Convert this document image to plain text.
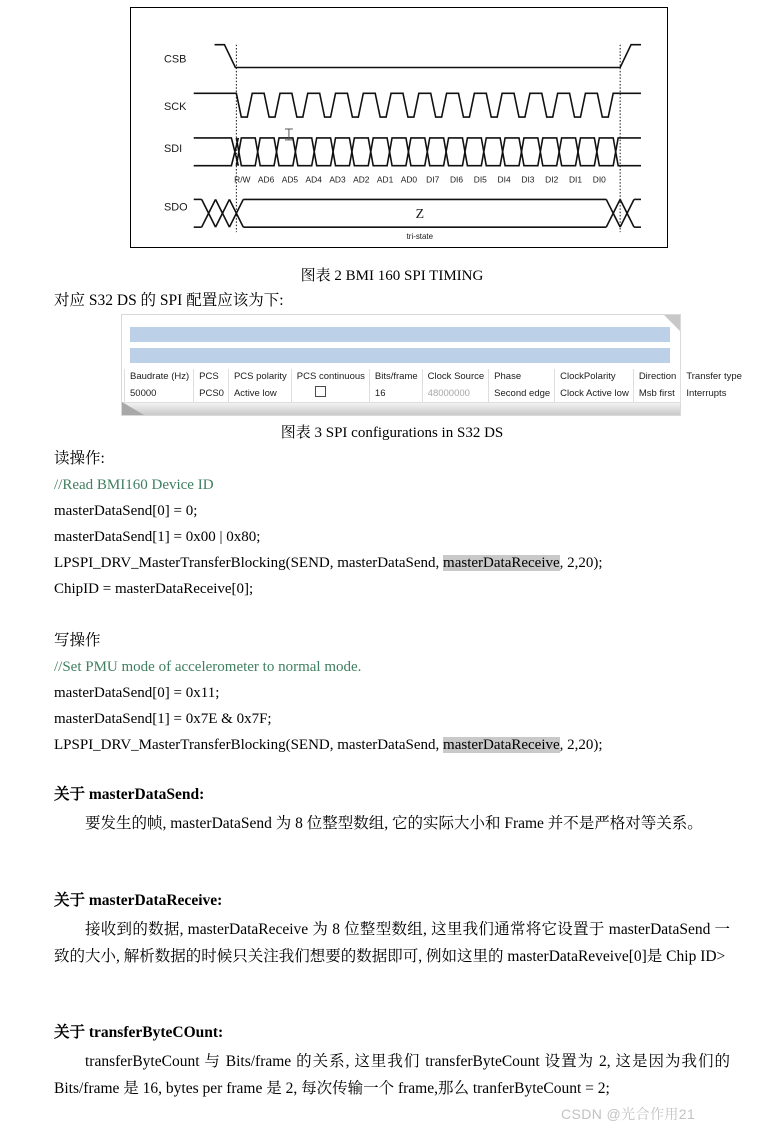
CSB
SCK
SDI
SDO
R/W AD6 AD5 AD4 AD3 AD2 AD1 AD0 DI7 DI6 DI5 DI4 DI3 DI2 DI1 DI0
Z
tri-state
图表 2 BMI 160 SPI TIMING
对应 S32 DS 的 SPI 配置应该为下:
	Baudrate (Hz)	PCS	PCS polarity	PCS continuous	Bits/frame	Clock Source	Phase	ClockPolarity	Direction	Transfer type
	50000	PCS0	Active low		16	48000000	Second edge	Clock Active low	Msb first	Interrupts
图表 3 SPI configurations in S32 DS
读操作:
//Read BMI160 Device ID
masterDataSend[0] = 0;
masterDataSend[1] = 0x00 | 0x80;
LPSPI_DRV_MasterTransferBlocking(SEND, masterDataSend, masterDataReceive, 2,20);
ChipID = masterDataReceive[0];
写操作
//Set PMU mode of accelerometer to normal mode.
masterDataSend[0] = 0x11;
masterDataSend[1] = 0x7E & 0x7F;
LPSPI_DRV_MasterTransferBlocking(SEND, masterDataSend, masterDataReceive, 2,20);
关于 masterDataSend:
要发生的帧, masterDataSend 为 8 位整型数组, 它的实际大小和 Frame 并不是严格对等关系。
关于 masterDataReceive:
接收到的数据, masterDataReceive 为 8 位整型数组, 这里我们通常将它设置于 masterDataSend 一致的大小, 解析数据的时候只关注我们想要的数据即可, 例如这里的 masterDataReveive[0]是 Chip ID>
关于 transferByteCOunt:
transferByteCount 与 Bits/frame 的关系, 这里我们 transferByteCount 设置为 2, 这是因为我们的 Bits/frame 是 16, bytes per frame 是 2, 每次传输一个 frame,那么 tranferByteCount = 2;
CSDN @光合作用21
